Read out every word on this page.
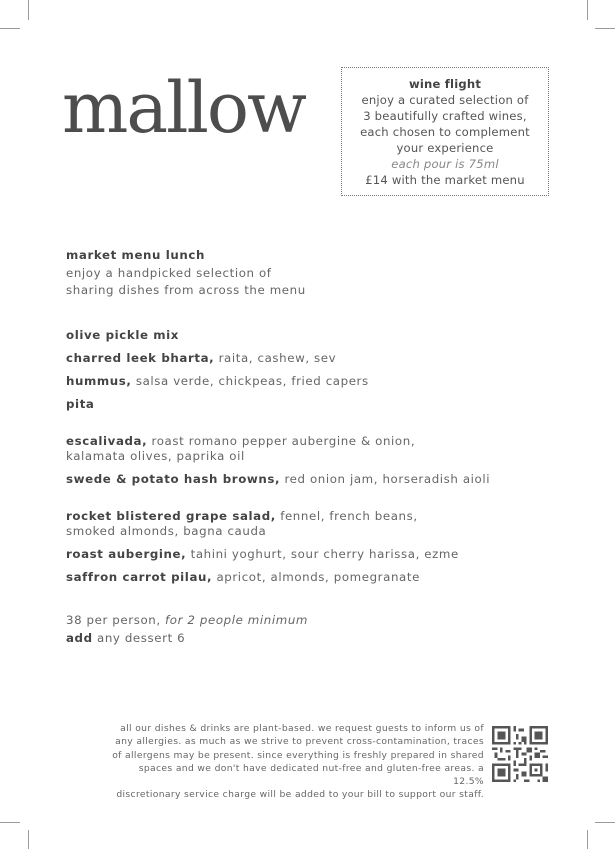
mallow	wine flight
enjoy a curated selection of
3 beautifully crafted wines,
each chosen to complement
your experience
each pour is 75ml
£14 with the market menu
market menu lunch
enjoy a handpicked selection of
sharing dishes from across the menu
olive pickle mix
charred leek bharta, raita, cashew, sev
hummus, salsa verde, chickpeas, fried capers
pita
escalivada, roast romano pepper aubergine & onion, kalamata olives, paprika oil
swede & potato hash browns, red onion jam, horseradish aioli
rocket blistered grape salad, fennel, french beans, smoked almonds, bagna cauda
roast aubergine, tahini yoghurt, sour cherry harissa, ezme
saffron carrot pilau, apricot, almonds, pomegranate
38 per person, for 2 people minimum
add any dessert 6
all our dishes & drinks are plant-based. we request guests to inform us of
any allergies. as much as we strive to prevent cross-contamination, traces
of allergens may be present. since everything is freshly prepared in shared
spaces and we don't have dedicated nut-free and gluten-free areas. a 12.5%
discretionary service charge will be added to your bill to support our staff.
